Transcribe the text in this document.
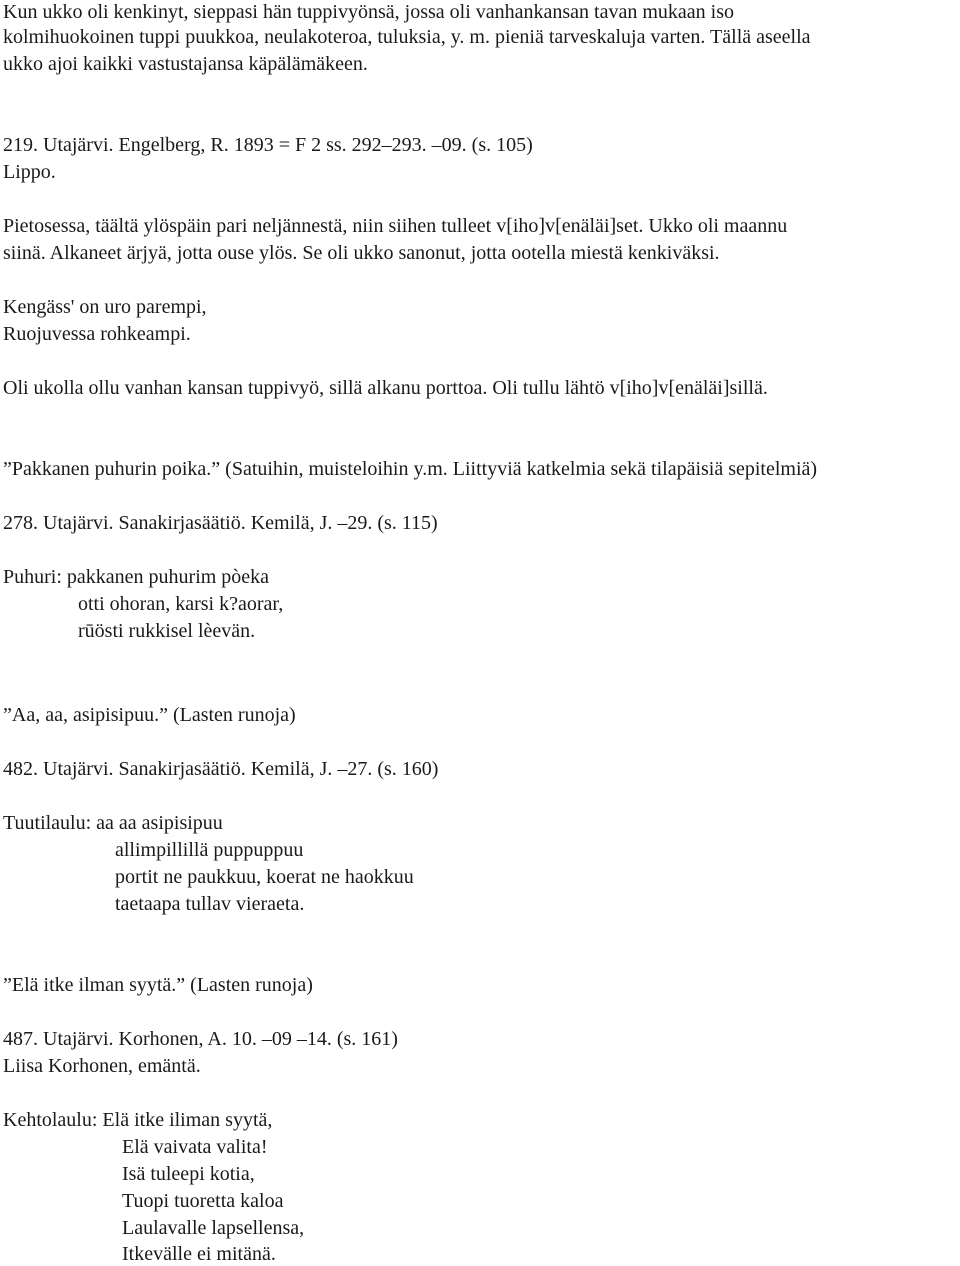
Kun ukko oli kenkinyt, sieppasi hän tuppivyönsä, jossa oli vanhankansan tavan mukaan iso
kolmihuokoinen tuppi puukkoa, neulakoteroa, tuluksia, y. m. pieniä tarveskaluja varten. Tällä aseella
ukko ajoi kaikki vastustajansa käpälämäkeen.
219. Utajärvi. Engelberg, R. 1893 = F 2 ss. 292–293. –09. (s. 105)
Lippo.
Pietosessa, täältä ylöspäin pari neljännestä, niin siihen tulleet v[iho]v[enäläi]set. Ukko oli maannu
siinä. Alkaneet ärjyä, jotta ouse ylös. Se oli ukko sanonut, jotta ootella miestä kenkiväksi.
Kengäss' on uro parempi,
Ruojuvessa rohkeampi.
Oli ukolla ollu vanhan kansan tuppivyö, sillä alkanu porttoa. Oli tullu lähtö v[iho]v[enäläi]sillä.
”Pakkanen puhurin poika.” (Satuihin, muisteloihin y.m. Liittyviä katkelmia sekä tilapäisiä sepitelmiä)
278. Utajärvi. Sanakirjasäätiö. Kemilä, J. –29. (s. 115)
Puhuri: pakkanen puhurim pòeka
otti ohoran, karsi k?aorar,
rūösti rukkisel lèevän.
”Aa, aa, asipisipuu.” (Lasten runoja)
482. Utajärvi. Sanakirjasäätiö. Kemilä, J. –27. (s. 160)
Tuutilaulu: aa aa asipisipuu
allimpillillä puppuppuu
portit ne paukkuu, koerat ne haokkuu
taetaapa tullav vieraeta.
”Elä itke ilman syytä.” (Lasten runoja)
487. Utajärvi. Korhonen, A. 10. –09 –14. (s. 161)
Liisa Korhonen, emäntä.
Kehtolaulu: Elä itke iliman syytä,
Elä vaivata valita!
Isä tuleepi kotia,
Tuopi tuoretta kaloa
Laulavalle lapsellensa,
Itkevälle ei mitänä.
